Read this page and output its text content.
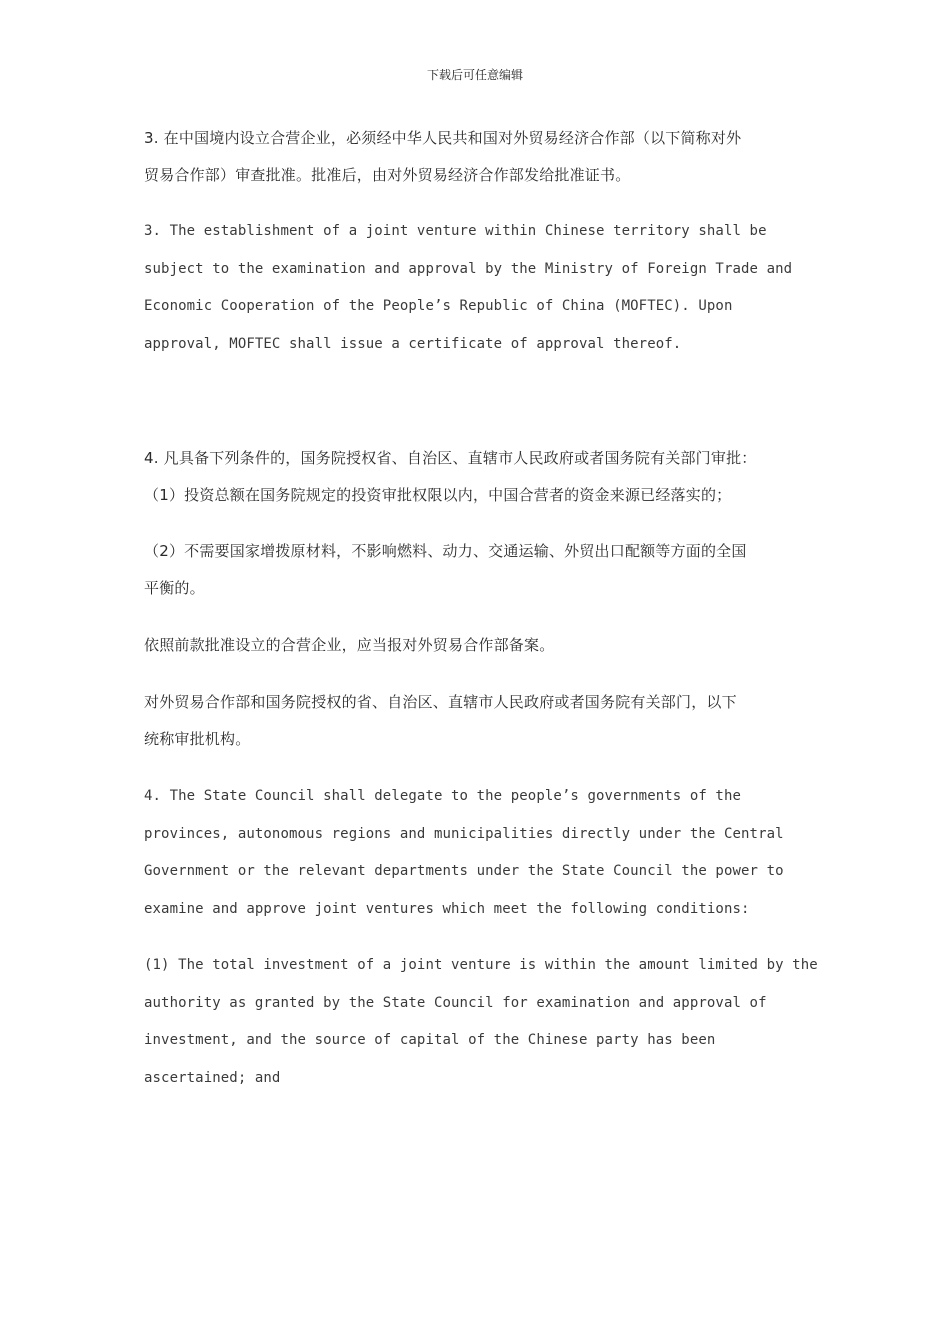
下载后可任意编辑
3. 在中国境内设立合营企业，必须经中华人民共和国对外贸易经济合作部（以下简称对外
贸易合作部）审查批准。批准后，由对外贸易经济合作部发给批准证书。
3. The establishment of a joint venture within Chinese territory shall be
subject to the examination and approval by the Ministry of Foreign Trade and
Economic Cooperation of the People’s Republic of China (MOFTEC). Upon
approval, MOFTEC shall issue a certificate of approval thereof.
4. 凡具备下列条件的，国务院授权省、自治区、直辖市人民政府或者国务院有关部门审批：
（1）投资总额在国务院规定的投资审批权限以内，中国合营者的资金来源已经落实的；
（2）不需要国家增拨原材料，不影响燃料、动力、交通运输、外贸出口配额等方面的全国
平衡的。
依照前款批准设立的合营企业，应当报对外贸易合作部备案。
对外贸易合作部和国务院授权的省、自治区、直辖市人民政府或者国务院有关部门，以下
统称审批机构。
4. The State Council shall delegate to the people’s governments of the
provinces, autonomous regions and municipalities directly under the Central
Government or the relevant departments under the State Council the power to
examine and approve joint ventures which meet the following conditions:
(1) The total investment of a joint venture is within the amount limited by the
authority as granted by the State Council for examination and approval of
investment, and the source of capital of the Chinese party has been
ascertained; and
